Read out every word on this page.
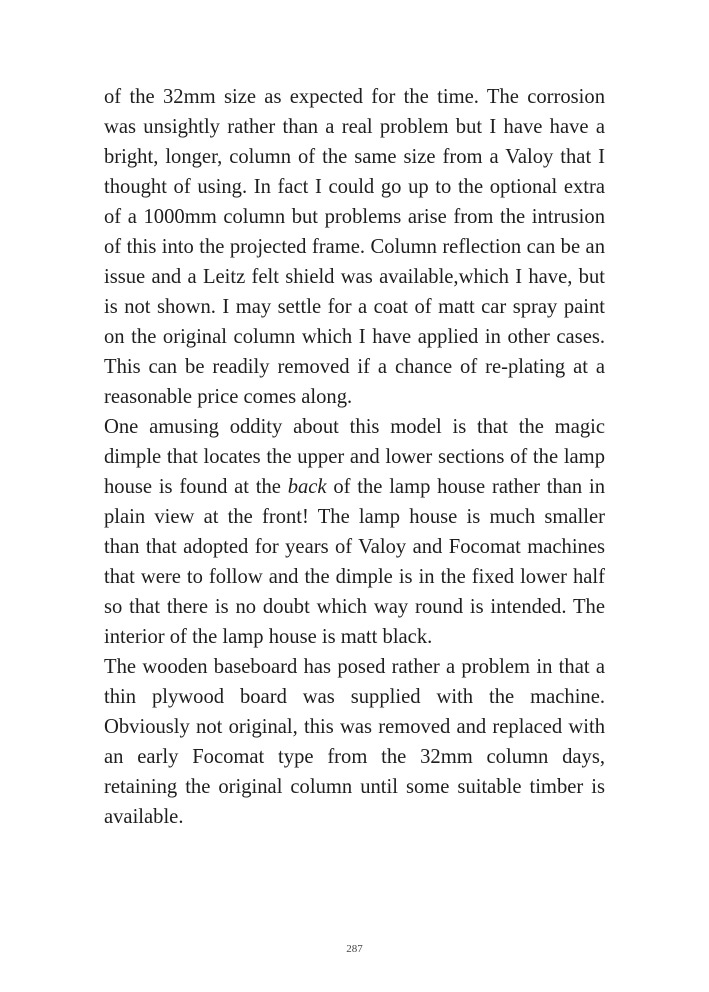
of the 32mm size as expected for the time. The corrosion was unsightly rather than a real problem but I have have a bright, longer, column of the same size from a Valoy that I thought of using. In fact I could go up to the optional extra of a 1000mm column but problems arise from the intrusion of this into the projected frame. Column reflection can be an issue and a Leitz felt shield was available,which I have, but is not shown. I may settle for a coat of matt car spray paint on the original column which I have applied in other cases. This can be readily removed if a chance of re-plating at a reasonable price comes along.

One amusing oddity about this model is that the magic dimple that locates the upper and lower sections of the lamp house is found at the back of the lamp house rather than in plain view at the front! The lamp house is much smaller than that adopted for years of Valoy and Focomat machines that were to follow and the dimple is in the fixed lower half so that there is no doubt which way round is intended. The interior of the lamp house is matt black.

The wooden baseboard has posed rather a problem in that a thin plywood board was supplied with the machine. Obviously not original, this was removed and replaced with an early Focomat type from the 32mm column days, retaining the original column until some suitable timber is available.

287
